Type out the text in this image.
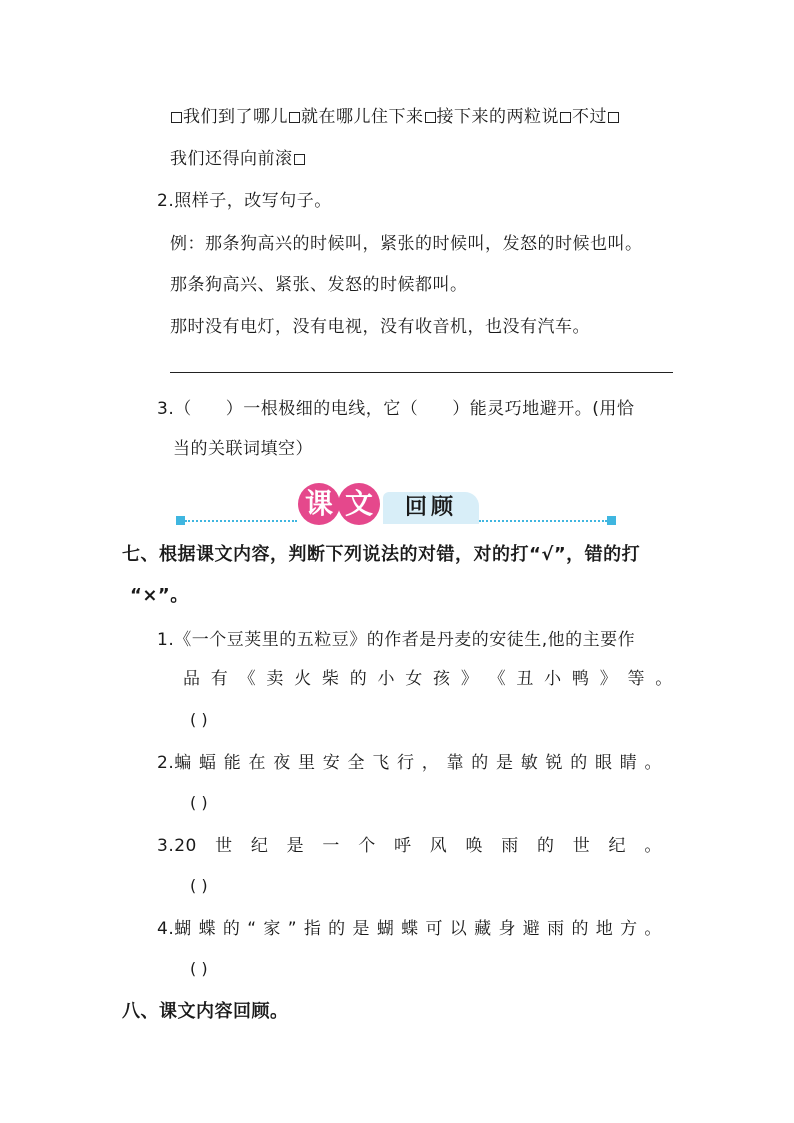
我们到了哪儿 就在哪儿住下来 接下来的两粒说 不过
我们还得向前滚
2.照样子，改写句子。
例：那条狗高兴的时候叫，紧张的时候叫，发怒的时候也叫。
那条狗高兴、紧张、发怒的时候都叫。
那时没有电灯，没有电视，没有收音机，也没有汽车。
3.（ ）一根极细的电线，它（ ）能灵巧地避开。(用恰
当的关联词填空）
课 文	回顾
七、根据课文内容，判断下列说法的对错，对的打“√”，错的打
“×”。
1.《一个豆荚里的五粒豆》的作者是丹麦的安徒生,他的主要作
品 有 《 卖 火 柴 的 小 女 孩 》 《 丑 小 鸭 》 等 。
( )
2.蝙 蝠 能 在 夜 里 安 全 飞 行 ， 靠 的 是 敏 锐 的 眼 睛 。
( )
3.20 世 纪 是 一 个 呼 风 唤 雨 的 世 纪 。
( )
4.蝴 蝶 的 “ 家 ” 指 的 是 蝴 蝶 可 以 藏 身 避 雨 的 地 方 。
( )
八、课文内容回顾。
